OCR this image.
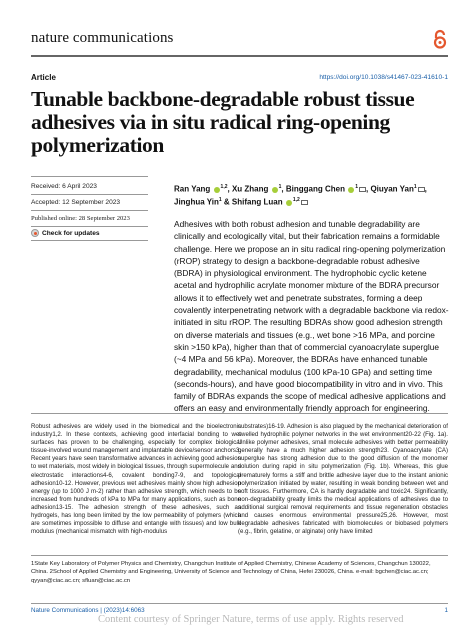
nature communications
Article	https://doi.org/10.1038/s41467-023-41610-1
Tunable backbone-degradable robust tissue adhesives via in situ radical ring-opening polymerization
Received: 6 April 2023
Accepted: 12 September 2023
Published online: 28 September 2023
Check for updates
Ran Yang $^{1,2}$, Xu Zhang $^1$, Binggang Chen $^1$ , Qiuyan Yan$^1$ , Jinghua Yin$^1$ & Shifang Luan $^{1,2}$
Adhesives with both robust adhesion and tunable degradability are clinically and ecologically vital, but their fabrication remains a formidable challenge. Here we propose an in situ radical ring-opening polymerization (rROP) strategy to design a backbone-degradable robust adhesive (BDRA) in physiological environment. The hydrophobic cyclic ketene acetal and hydrophilic acrylate monomer mixture of the BDRA precursor allows it to effectively wet and penetrate substrates, forming a deep covalently interpenetrating network with a degradable backbone via redox-initiated in situ rROP. The resulting BDRAs show good adhesion strength on diverse materials and tissues (e.g., wet bone >16 MPa, and porcine skin >150 kPa), higher than that of commercial cyanoacrylate superglue (~4 MPa and 56 kPa). Moreover, the BDRAs have enhanced tunable degradability, mechanical modulus (100 kPa-10 GPa) and setting time (seconds-hours), and have good biocompatibility in vitro and in vivo. This family of BDRAs expands the scope of medical adhesive applications and offers an easy and environmentally friendly approach for engineering.
Robust adhesives are widely used in the biomedical and the bioelectronic industry1,2. In these contexts, achieving good interfacial bonding to wet surfaces has proven to be challenging, especially for complex biological tissue-involved wound management and implantable device/sensor anchors3. Recent years have seen transformative advances in achieving good adhesion to wet materials, most widely in biological tissues, through supermolecule and electrostatic interactions4-6, covalent bonding7-9, and topological adhesion10-12. However, previous wet adhesives mainly show high adhesion energy (up to 1000 J m-2) rather than adhesive strength, which needs to be increased from hundreds of kPa to MPa for many applications, such as bone adhesion13-15. The adhesion strength of these adhesives, such as hydrogels, has long been limited by the low permeability of polymers (which are sometimes impossible to diffuse and entangle with tissues) and low bulk modulus (mechanical mismatch with high-modulus
substrates)16-19. Adhesion is also plagued by the mechanical deterioration of swelled hydrophilic polymer networks in the wet environment20-22 (Fig. 1a). Unlike polymer adhesives, small molecule adhesives with better permeability generally have a much higher adhesion strength23. Cyanoacrylate (CA) superglue has strong adhesion due to the good diffusion of the monomer solution during rapid in situ polymerization (Fig. 1b). Whereas, this glue prematurely forms a stiff and brittle adhesive layer due to the instant anionic polymerization initiated by water, resulting in weak bonding between wet and soft tissues. Furthermore, CA is hardly degradable and toxic24. Significantly, non-degradability greatly limits the medical applications of adhesives due to additional surgical removal requirements and tissue regeneration obstacles and causes enormous environmental pressure25,26. However, most degradable adhesives fabricated with biomolecules or biobased polymers (e.g., fibrin, gelatine, or alginate) only have limited
1State Key Laboratory of Polymer Physics and Chemistry, Changchun Institute of Applied Chemistry, Chinese Academy of Sciences, Changchun 130022, China. 2School of Applied Chemistry and Engineering, University of Science and Technology of China, Hefei 230026, China. e-mail: bgchen@ciac.ac.cn; qyyan@ciac.ac.cn; sfluan@ciac.ac.cn
Nature Communications | (2023)14:6063	1
Content courtesy of Springer Nature, terms of use apply. Rights reserved
